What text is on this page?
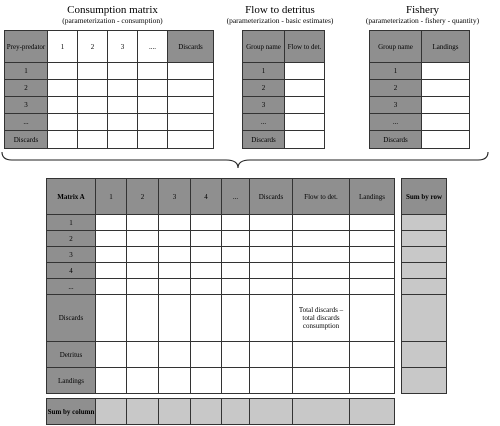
Consumption matrix
(parameterization - consumption)
Flow to detritus
(parameterization - basic estimates)
Fishery
(parameterization - fishery - quantity)
Prey-predator	1	2	3	....	Discards
1					
2					
3					
...					
Discards					
Group name	Flow to det.
1	
2	
3	
...	
Discards	
Group name	Landings
1	
2	
3	
...	
Discards	
Matrix A	1	2	3	4	...	Discards	Flow to det.	Landings
1								
2								
3								
4								
...								
Discards							Total discards – total discards consumption	
Detritus								
Landings								
Sum by row

Sum by column								
